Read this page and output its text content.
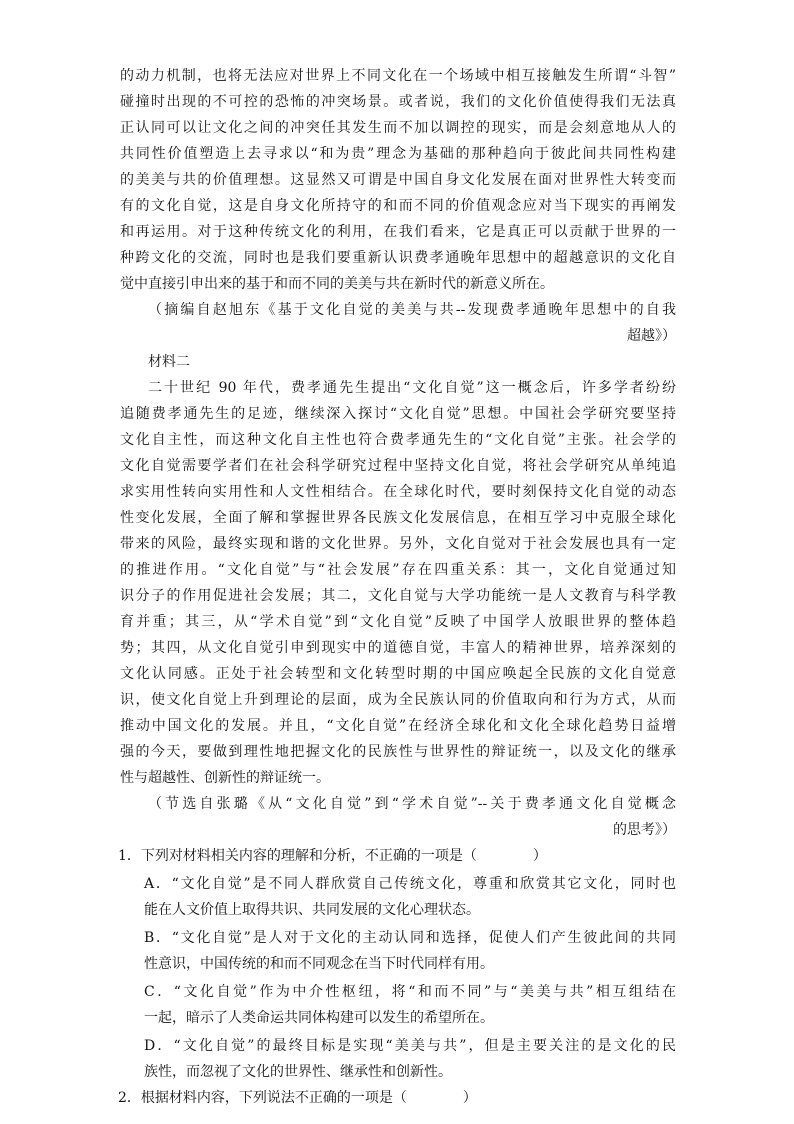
的动力机制，也将无法应对世界上不同文化在一个场域中相互接触发生所谓“斗智”
碰撞时出现的不可控的恐怖的冲突场景。或者说，我们的文化价值使得我们无法真
正认同可以让文化之间的冲突任其发生而不加以调控的现实，而是会刻意地从人的
共同性价值塑造上去寻求以“和为贵”理念为基础的那种趋向于彼此间共同性构建
的美美与共的价值理想。这显然又可谓是中国自身文化发展在面对世界性大转变而
有的文化自觉，这是自身文化所持守的和而不同的价值观念应对当下现实的再阐发
和再运用。对于这种传统文化的利用，在我们看来，它是真正可以贡献于世界的一
种跨文化的交流，同时也是我们要重新认识费孝通晚年思想中的超越意识的文化自
觉中直接引申出来的基于和而不同的美美与共在新时代的新意义所在。
（摘编自赵旭东《基于文化自觉的美美与共--发现费孝通晚年思想中的自我
超越》）
材料二
二十世纪 90 年代，费孝通先生提出“文化自觉”这一概念后，许多学者纷纷
追随费孝通先生的足迹，继续深入探讨“文化自觉”思想。中国社会学研究要坚持
文化自主性，而这种文化自主性也符合费孝通先生的“文化自觉”主张。社会学的
文化自觉需要学者们在社会科学研究过程中坚持文化自觉，将社会学研究从单纯追
求实用性转向实用性和人文性相结合。在全球化时代，要时刻保持文化自觉的动态
性变化发展，全面了解和掌握世界各民族文化发展信息，在相互学习中克服全球化
带来的风险，最终实现和谐的文化世界。另外，文化自觉对于社会发展也具有一定
的推进作用。“文化自觉”与“社会发展”存在四重关系：其一，文化自觉通过知
识分子的作用促进社会发展；其二，文化自觉与大学功能统一是人文教育与科学教
育并重；其三，从“学术自觉”到“文化自觉”反映了中国学人放眼世界的整体趋
势；其四，从文化自觉引申到现实中的道德自觉，丰富人的精神世界，培养深刻的
文化认同感。正处于社会转型和文化转型时期的中国应唤起全民族的文化自觉意
识，使文化自觉上升到理论的层面，成为全民族认同的价值取向和行为方式，从而
推动中国文化的发展。并且，“文化自觉”在经济全球化和文化全球化趋势日益增
强的今天，要做到理性地把握文化的民族性与世界性的辩证统一，以及文化的继承
性与超越性、创新性的辩证统一。
（节选自张璐《从“文化自觉”到“学术自觉”--关于费孝通文化自觉概念
的思考》）
1．下列对材料相关内容的理解和分析，不正确的一项是（　　　　）
A．“文化自觉”是不同人群欣赏自己传统文化，尊重和欣赏其它文化，同时也
能在人文价值上取得共识、共同发展的文化心理状态。
B．“文化自觉”是人对于文化的主动认同和选择，促使人们产生彼此间的共同
性意识，中国传统的和而不同观念在当下时代同样有用。
C．“文化自觉”作为中介性枢纽，将“和而不同”与“美美与共”相互组结在
一起，暗示了人类命运共同体构建可以发生的希望所在。
D．“文化自觉”的最终目标是实现“美美与共”，但是主要关注的是文化的民
族性，而忽视了文化的世界性、继承性和创新性。
2．根据材料内容，下列说法不正确的一项是（　　　　）
